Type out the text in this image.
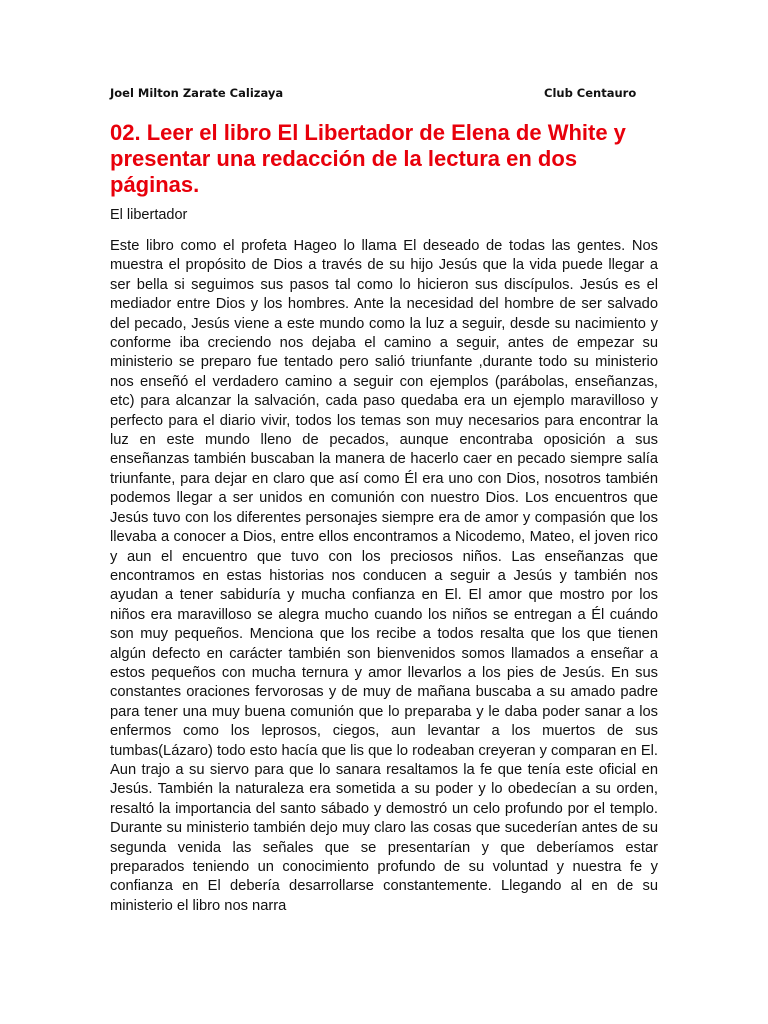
Joel Milton Zarate Calizaya	Club Centauro
02. Leer el libro El Libertador de Elena de White y presentar una redacción de la lectura en dos páginas.
El libertador

Este libro como el profeta Hageo lo llama El deseado de todas las gentes. Nos muestra el propósito de Dios a través de su hijo Jesús que la vida puede llegar a ser bella si seguimos sus pasos tal como lo hicieron sus discípulos. Jesús es el mediador entre Dios y los hombres. Ante la necesidad del hombre de ser salvado del pecado, Jesús viene a este mundo como la luz a seguir, desde su nacimiento y conforme iba creciendo nos dejaba el camino a seguir, antes de empezar su ministerio se preparo fue tentado pero salió triunfante ,durante todo su ministerio nos enseñó el verdadero camino a seguir con ejemplos (parábolas, enseñanzas, etc) para alcanzar la salvación, cada paso quedaba era un ejemplo maravilloso y perfecto para el diario vivir, todos los temas son muy necesarios para encontrar la luz en este mundo lleno de pecados, aunque encontraba oposición a sus enseñanzas también buscaban la manera de hacerlo caer en pecado siempre salía triunfante, para dejar en claro que así como Él era uno con Dios, nosotros también podemos llegar a ser unidos en comunión con nuestro Dios. Los encuentros que Jesús tuvo con los diferentes personajes siempre era de amor y compasión que los llevaba a conocer a Dios, entre ellos encontramos a Nicodemo, Mateo, el joven rico y aun el encuentro que tuvo con los preciosos niños. Las enseñanzas que encontramos en estas historias nos conducen a seguir a Jesús y también nos ayudan a tener sabiduría y mucha confianza en El. El amor que mostro por los niños era maravilloso se alegra mucho cuando los niños se entregan a Él cuándo son muy pequeños. Menciona que los recibe a todos resalta que los que tienen algún defecto en carácter también son bienvenidos somos llamados a enseñar a estos pequeños con mucha ternura y amor llevarlos a los pies de Jesús. En sus constantes oraciones fervorosas y de muy de mañana buscaba a su amado padre para tener una muy buena comunión que lo preparaba y le daba poder sanar a los enfermos como los leprosos, ciegos, aun levantar a los muertos de sus tumbas(Lázaro) todo esto hacía que lis que lo rodeaban creyeran y comparan en El. Aun trajo a su siervo para que lo sanara resaltamos la fe que tenía este oficial en Jesús. También la naturaleza era sometida a su poder y lo obedecían a su orden, resaltó la importancia del santo sábado y demostró un celo profundo por el templo. Durante su ministerio también dejo muy claro las cosas que sucederían antes de su segunda venida las señales que se presentarían y que deberíamos estar preparados teniendo un conocimiento profundo de su voluntad y nuestra fe y confianza en El debería desarrollarse constantemente. Llegando al en de su ministerio el libro nos narra
